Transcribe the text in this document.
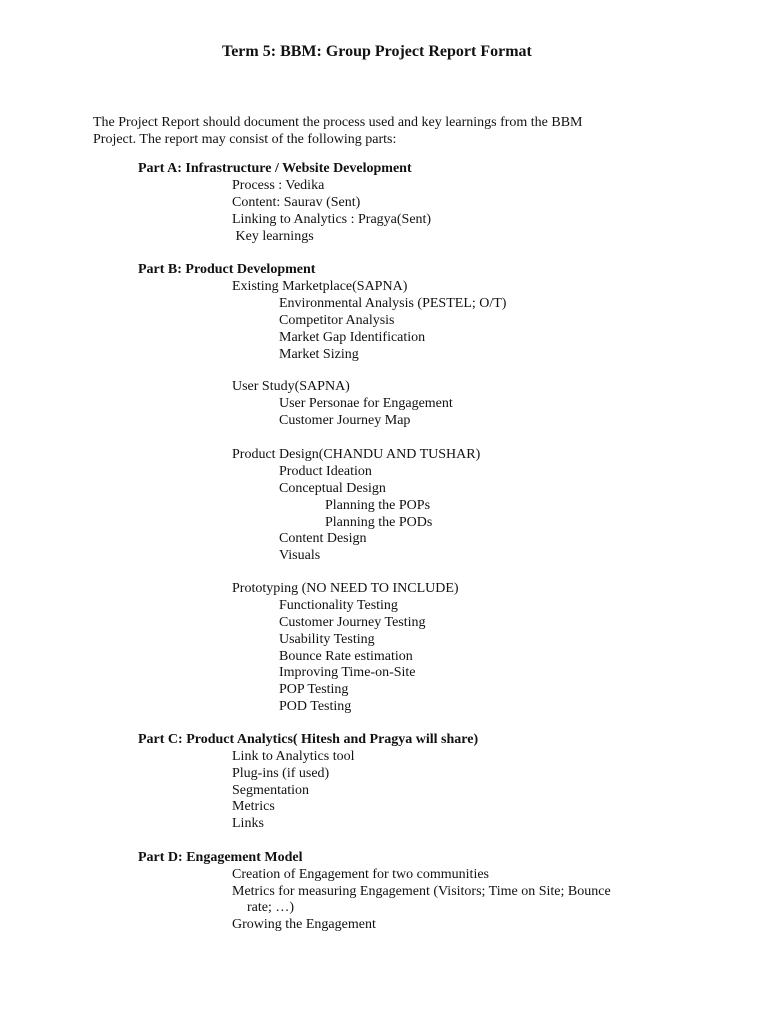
Term 5: BBM: Group Project Report Format
The Project Report should document the process used and key learnings from the BBM
Project. The report may consist of the following parts:
Part A: Infrastructure / Website Development
Process : Vedika
Content: Saurav (Sent)
Linking to Analytics : Pragya(Sent)
Key learnings
Part B: Product Development
Existing Marketplace(SAPNA)
Environmental Analysis (PESTEL; O/T)
Competitor Analysis
Market Gap Identification
Market Sizing
User Study(SAPNA)
User Personae for Engagement
Customer Journey Map
Product Design(CHANDU AND TUSHAR)
Product Ideation
Conceptual Design
Planning the POPs
Planning the PODs
Content Design
Visuals
Prototyping (NO NEED TO INCLUDE)
Functionality Testing
Customer Journey Testing
Usability Testing
Bounce Rate estimation
Improving Time-on-Site
POP Testing
POD Testing
Part C: Product Analytics( Hitesh and Pragya will share)
Link to Analytics tool
Plug-ins (if used)
Segmentation
Metrics
Links
Part D: Engagement Model
Creation of Engagement for two communities
Metrics for measuring Engagement (Visitors; Time on Site; Bounce
rate; …)
Growing the Engagement
